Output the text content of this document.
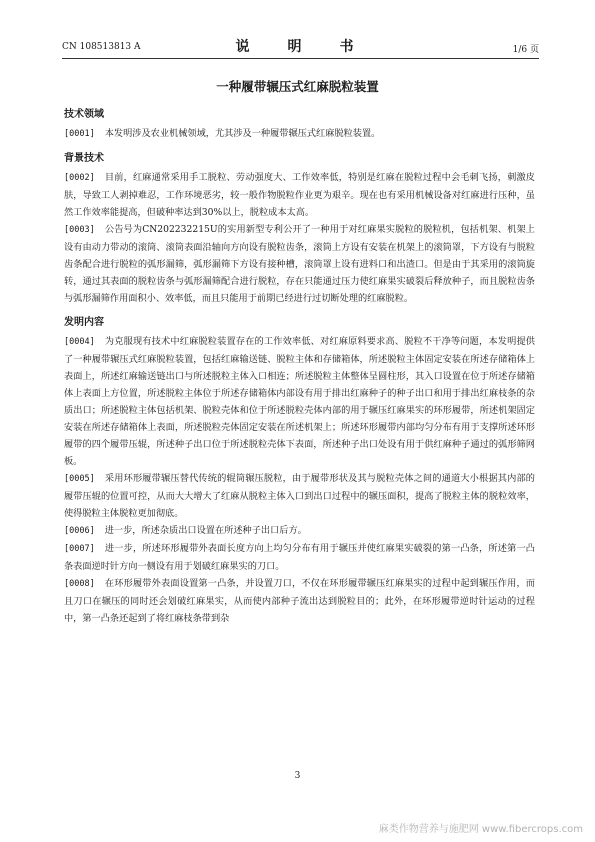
CN 108513813 A	说　明　书	1/6 页
一种履带辗压式红麻脱粒装置
技术领域
[0001] 本发明涉及农业机械领域，尤其涉及一种履带辗压式红麻脱粒装置。
背景技术
[0002] 目前，红麻通常采用手工脱粒、劳动强度大、工作效率低，特别是红麻在脱粒过程中会毛刺飞扬，刺激皮肤，导致工人剥掉难忍，工作环境恶劣，较一般作物脱粒作业更为艰辛。现在也有采用机械设备对红麻进行压种，虽然工作效率能提高，但破种率达到30%以上，脱粒成本太高。
[0003] 公告号为CN202232215U的实用新型专利公开了一种用于对红麻果实脱粒的脱粒机，包括机架、机架上设有由动力带动的滚筒、滚筒表面沿轴向方向设有脱粒齿条，滚筒上方设有安装在机架上的滚筒罩，下方设有与脱粒齿条配合进行脱粒的弧形漏筛，弧形漏筛下方设有接种槽，滚筒罩上设有进料口和出渣口。但是由于其采用的滚筒旋转，通过其表面的脱粒齿条与弧形漏筛配合进行脱粒，存在只能通过压力使红麻果实破裂后释放种子，而且脱粒齿条与弧形漏筛作用面积小、效率低，而且只能用于前期已经进行过切断处理的红麻脱粒。
发明内容
[0004] 为克服现有技术中红麻脱粒装置存在的工作效率低、对红麻原料要求高、脱粒不干净等问题，本发明提供了一种履带辗压式红麻脱粒装置，包括红麻输送链、脱粒主体和存储箱体，所述脱粒主体固定安装在所述存储箱体上表面上，所述红麻输送链出口与所述脱粒主体入口相连；所述脱粒主体整体呈圆柱形，其入口设置在位于所述存储箱体上表面上方位置，所述脱粒主体位于所述存储箱体内部设有用于排出红麻种子的种子出口和用于排出红麻枝条的杂质出口；所述脱粒主体包括机架、脱粒壳体和位于所述脱粒壳体内部的用于辗压红麻果实的环形履带，所述机架固定安装在所述存储箱体上表面，所述脱粒壳体固定安装在所述机架上；所述环形履带内部均匀分布有用于支撑所述环形履带的四个履带压辊，所述种子出口位于所述脱粒壳体下表面，所述种子出口处设有用于供红麻种子通过的弧形筛网板。
[0005] 采用环形履带辗压替代传统的辊筒辗压脱粒，由于履带形状及其与脱粒壳体之间的通道大小根据其内部的履带压辊的位置可控，从而大大增大了红麻从脱粒主体入口到出口过程中的辗压面积，提高了脱粒主体的脱粒效率，使得脱粒主体脱粒更加彻底。
[0006] 进一步，所述杂质出口设置在所述种子出口后方。
[0007] 进一步，所述环形履带外表面长度方向上均匀分布有用于辗压并使红麻果实破裂的第一凸条，所述第一凸条表面逆时针方向一侧设有用于划破红麻果实的刀口。
[0008] 在环形履带外表面设置第一凸条，并设置刀口，不仅在环形履带辗压红麻果实的过程中起到辗压作用，而且刀口在辗压的同时还会划破红麻果实，从而使内部种子流出达到脱粒目的；此外，在环形履带逆时针运动的过程中，第一凸条还起到了将红麻枝条带到杂
3
麻类作物营养与施肥网 www.fibercrops.com
